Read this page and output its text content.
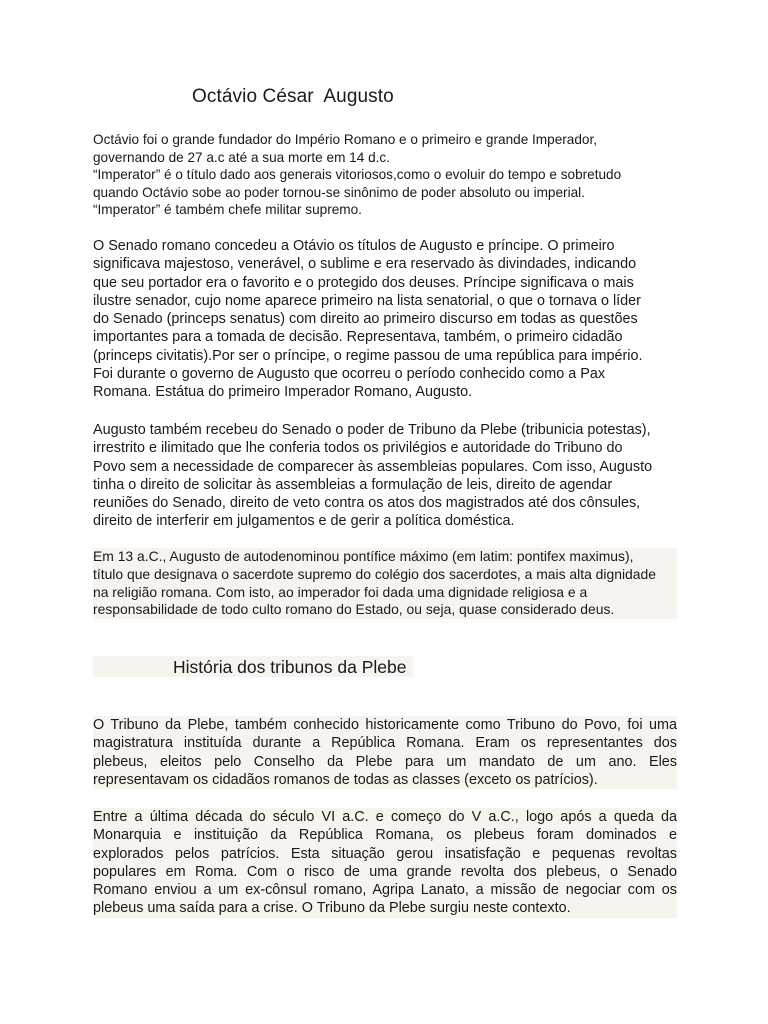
Octávio César  Augusto

Octávio foi o grande fundador do Império Romano e o primeiro e grande Imperador,
governando de 27 a.c até a sua morte em 14 d.c.
“Imperator” é o título dado aos generais vitoriosos,como o evoluir do tempo e sobretudo
quando Octávio sobe ao poder tornou-se sinônimo de poder absoluto ou imperial.
“Imperator” é também chefe militar supremo.

O Senado romano concedeu a Otávio os títulos de Augusto e príncipe. O primeiro
significava majestoso, venerável, o sublime e era reservado às divindades, indicando
que seu portador era o favorito e o protegido dos deuses. Príncipe significava o mais
ilustre senador, cujo nome aparece primeiro na lista senatorial, o que o tornava o líder
do Senado (princeps senatus) com direito ao primeiro discurso em todas as questões
importantes para a tomada de decisão. Representava, também, o primeiro cidadão
(princeps civitatis).Por ser o príncipe, o regime passou de uma república para império.
Foi durante o governo de Augusto que ocorreu o período conhecido como a Pax
Romana. Estátua do primeiro Imperador Romano, Augusto.

Augusto também recebeu do Senado o poder de Tribuno da Plebe (tribunicia potestas),
irrestrito e ilimitado que lhe conferia todos os privilégios e autoridade do Tribuno do
Povo sem a necessidade de comparecer às assembleias populares. Com isso, Augusto
tinha o direito de solicitar às assembleias a formulação de leis, direito de agendar
reuniões do Senado, direito de veto contra os atos dos magistrados até dos cônsules,
direito de interferir em julgamentos e de gerir a política doméstica.

Em 13 a.C., Augusto de autodenominou pontífice máximo (em latim: pontifex maximus),
título que designava o sacerdote supremo do colégio dos sacerdotes, a mais alta dignidade
na religião romana. Com isto, ao imperador foi dada uma dignidade religiosa e a
responsabilidade de todo culto romano do Estado, ou seja, quase considerado deus.

História dos tribunos da Plebe

O Tribuno da Plebe, também conhecido historicamente como Tribuno do Povo, foi uma
magistratura instituída durante a República Romana. Eram os representantes dos
plebeus, eleitos pelo Conselho da Plebe para um mandato de um ano. Eles
representavam os cidadãos romanos de todas as classes (exceto os patrícios).

Entre a última década do século VI a.C. e começo do V a.C., logo após a queda da
Monarquia e instituição da República Romana, os plebeus foram dominados e
explorados pelos patrícios. Esta situação gerou insatisfação e pequenas revoltas
populares em Roma. Com o risco de uma grande revolta dos plebeus, o Senado
Romano enviou a um ex-cônsul romano, Agripa Lanato, a missão de negociar com os
plebeus uma saída para a crise. O Tribuno da Plebe surgiu neste contexto.
